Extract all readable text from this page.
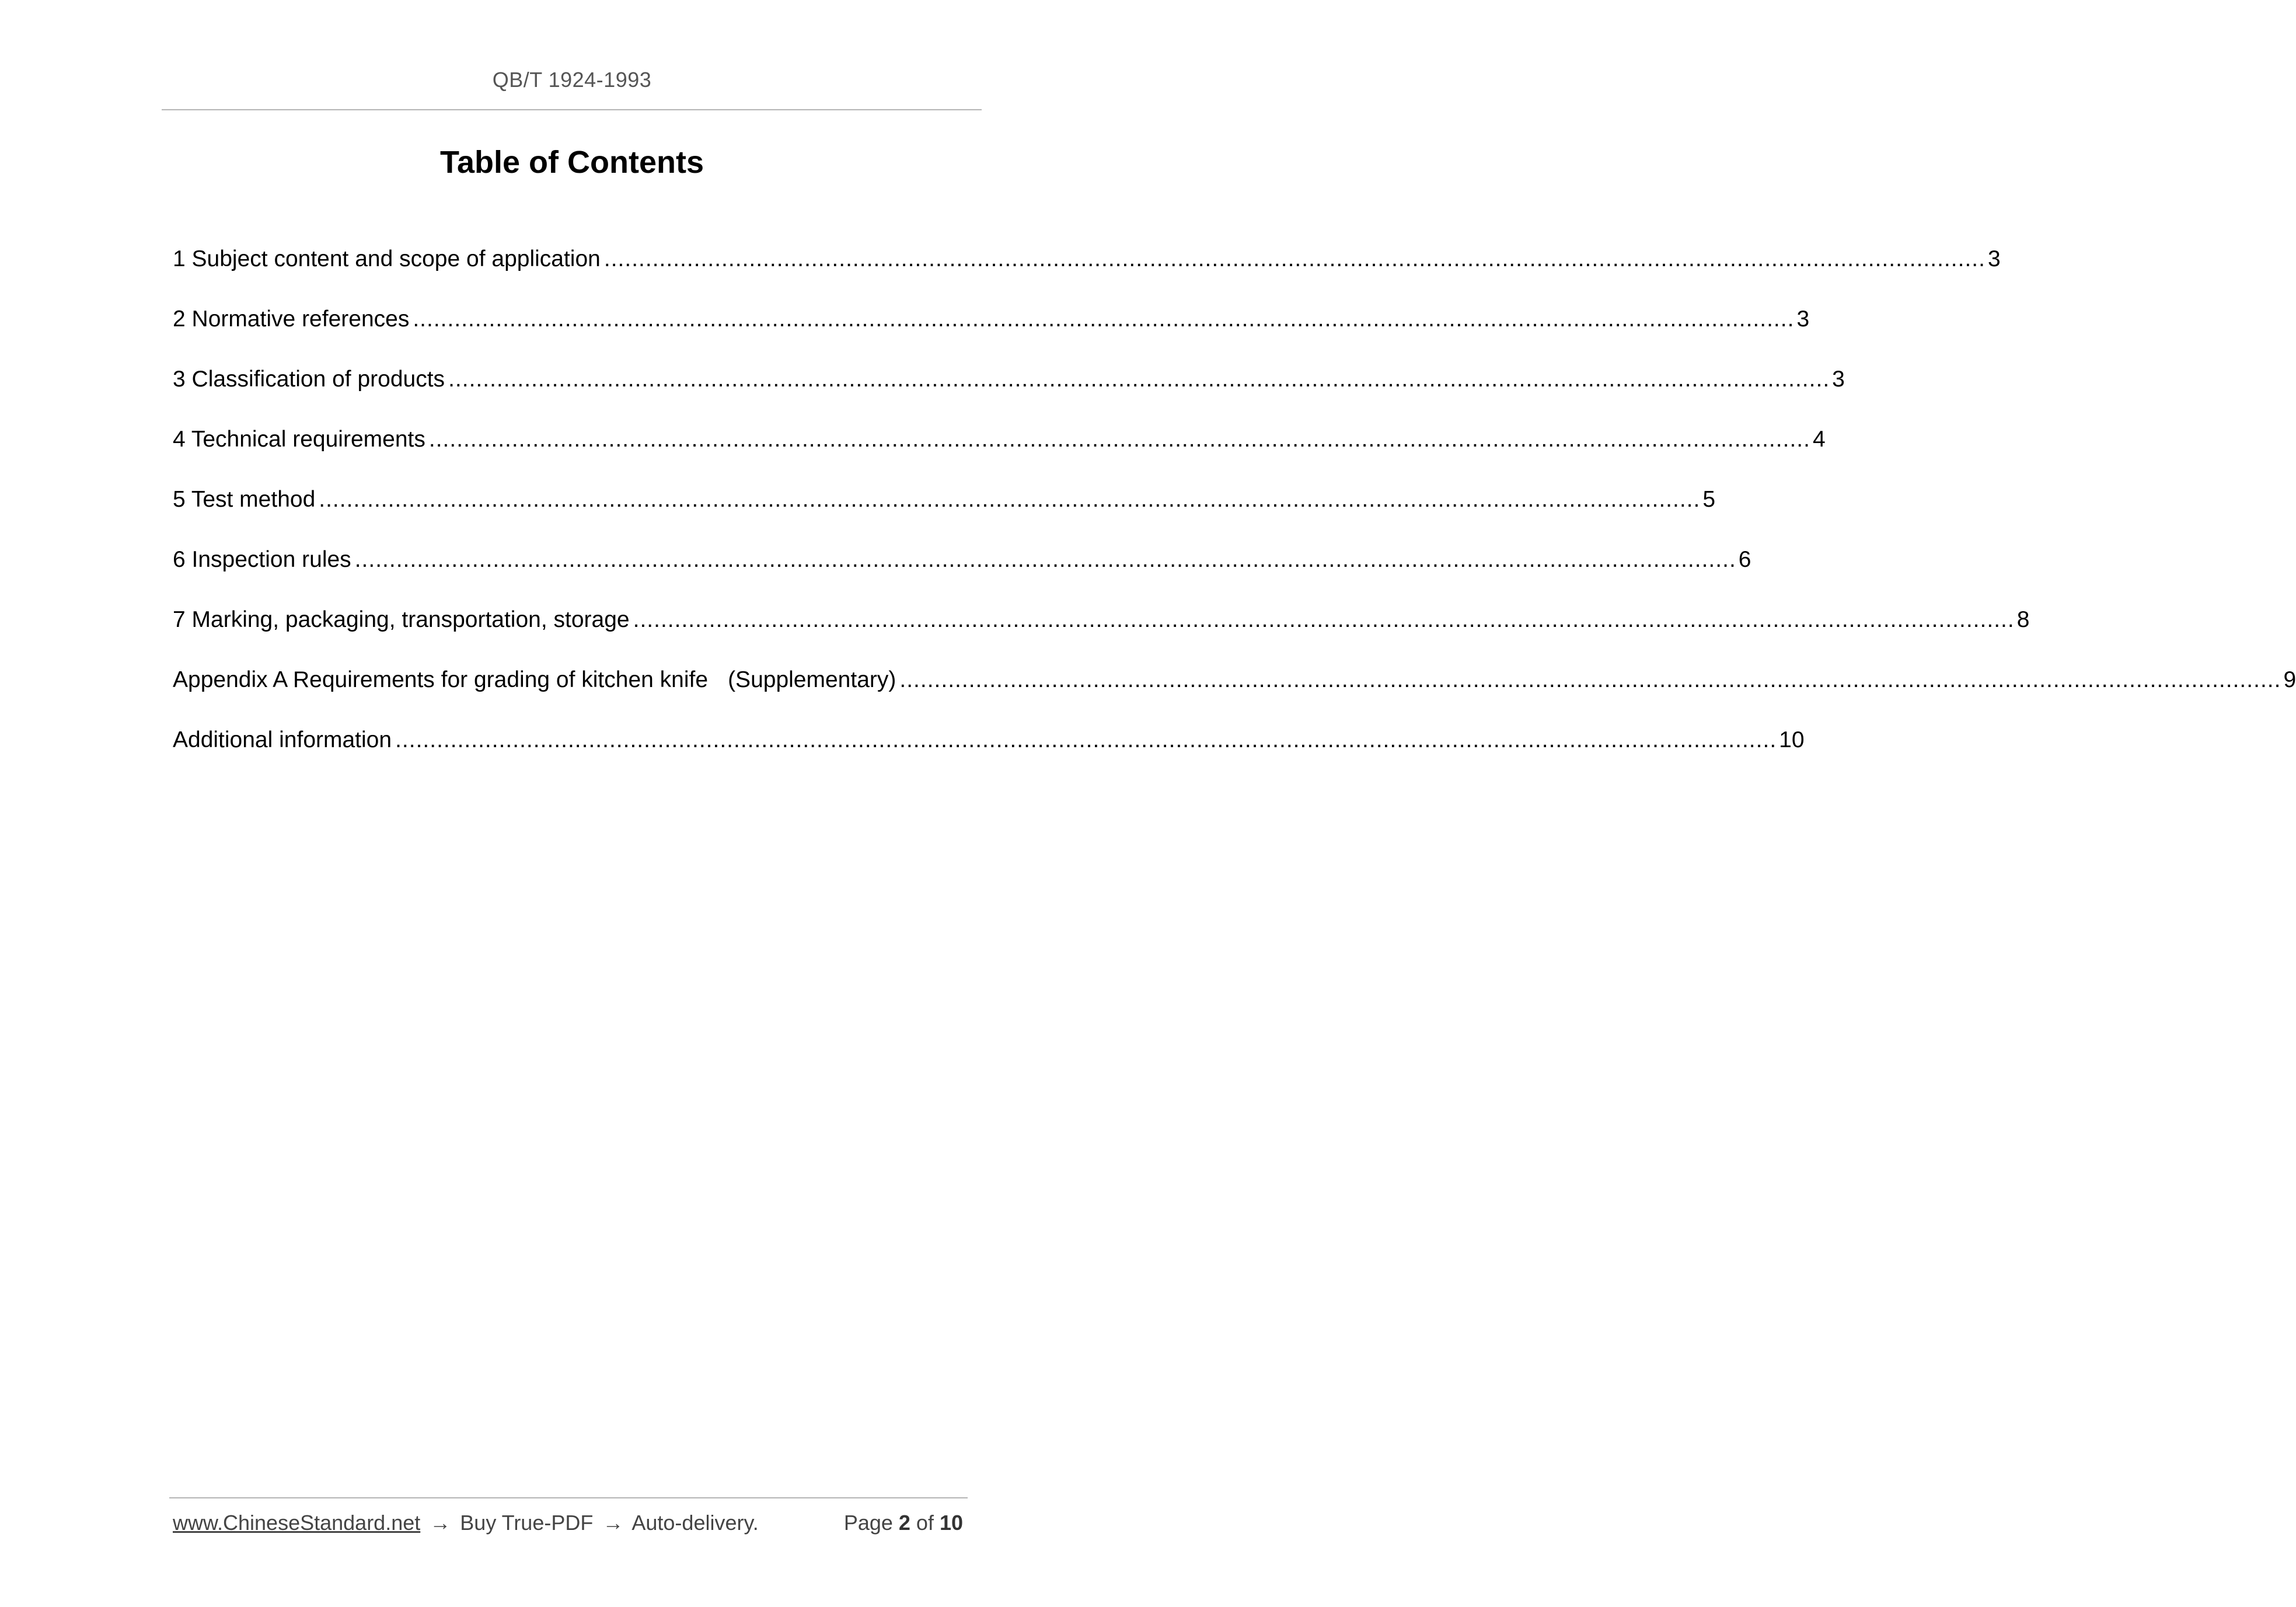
QB/T 1924-1993
Table of Contents
1 Subject content and scope of application ........................................................................................................................................................................................................ 3
2 Normative references ........................................................................................................................................................................................................ 3
3 Classification of products ........................................................................................................................................................................................................ 3
4 Technical requirements ........................................................................................................................................................................................................ 4
5 Test method ........................................................................................................................................................................................................ 5
6 Inspection rules ........................................................................................................................................................................................................ 6
7 Marking, packaging, transportation, storage ........................................................................................................................................................................................................ 8
Appendix A Requirements for grading of kitchen knife (Supplementary) ........................................................................................................................................................................................................ 9
Additional information ........................................................................................................................................................................................................ 10
www.ChineseStandard.net → Buy True-PDF → Auto-delivery.	Page 2 of 10
